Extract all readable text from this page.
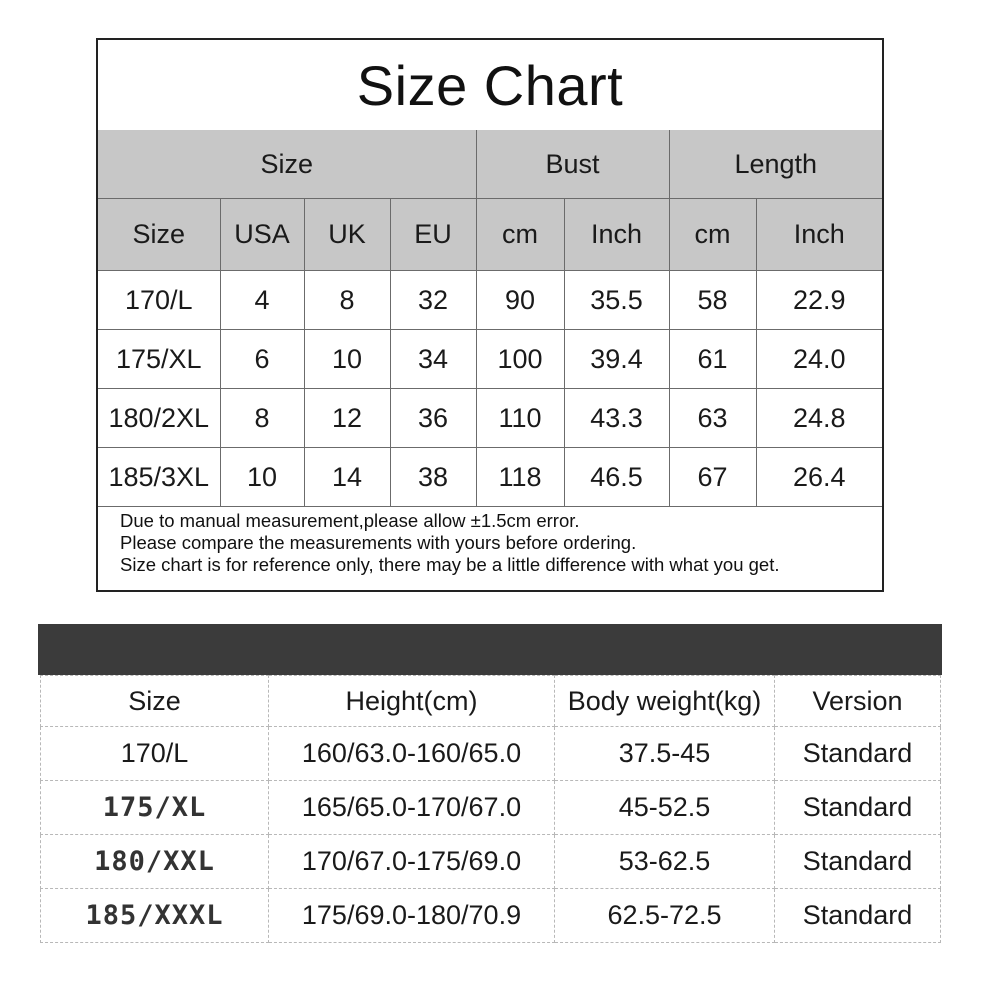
Size Chart
Size				Bust		Length	
Size	USA	UK	EU	cm	Inch	cm	Inch
170/L	4	8	32	90	35.5	58	22.9
175/XL	6	10	34	100	39.4	61	24.0
180/2XL	8	12	36	110	43.3	63	24.8
185/3XL	10	14	38	118	46.5	67	26.4
Due to manual measurement,please allow ±1.5cm error.
Please compare the measurements with yours before ordering.
Size chart is for reference only, there may be a little difference with what you get.
Size	Height(cm)	Body weight(kg)	Version
170/L	160/63.0-160/65.0	37.5-45	Standard
175/XL	165/65.0-170/67.0	45-52.5	Standard
180/XXL	170/67.0-175/69.0	53-62.5	Standard
185/XXXL	175/69.0-180/70.9	62.5-72.5	Standard
